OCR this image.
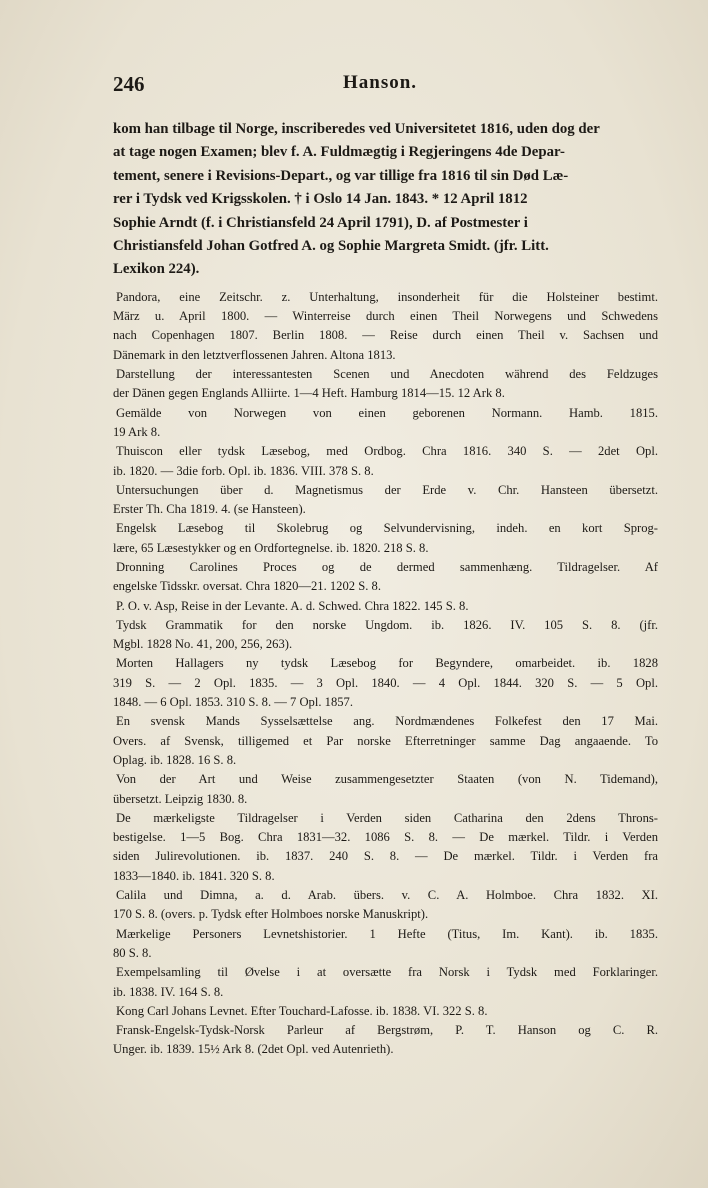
246	Hanson.
kom han tilbage til Norge, inscriberedes ved Universitetet 1816, uden dog der
at tage nogen Examen; blev f. A. Fuldmægtig i Regjeringens 4de Depar-
tement, senere i Revisions-Depart., og var tillige fra 1816 til sin Død Læ-
rer i Tydsk ved Krigsskolen. † i Oslo 14 Jan. 1843. * 12 April 1812
Sophie Arndt (f. i Christiansfeld 24 April 1791), D. af Postmester i
Christiansfeld Johan Gotfred A. og Sophie Margreta Smidt. (jfr. Litt.
Lexikon 224).

Pandora, eine Zeitschr. z. Unterhaltung, insonderheit für die Holsteiner bestimt.
März u. April 1800. — Winterreise durch einen Theil Norwegens und Schwedens
nach Copenhagen 1807. Berlin 1808. — Reise durch einen Theil v. Sachsen und
Dänemark in den letztverflossenen Jahren. Altona 1813.

Darstellung der interessantesten Scenen und Anecdoten während des Feldzuges
der Dänen gegen Englands Alliirte. 1—4 Heft. Hamburg 1814—15. 12 Ark 8.

Gemälde von Norwegen von einen geborenen Normann. Hamb. 1815.
19 Ark 8.

Thuiscon eller tydsk Læsebog, med Ordbog. Chra 1816. 340 S. — 2det Opl.
ib. 1820. — 3die forb. Opl. ib. 1836. VIII. 378 S. 8.

Untersuchungen über d. Magnetismus der Erde v. Chr. Hansteen übersetzt.
Erster Th. Cha 1819. 4. (se Hansteen).

Engelsk Læsebog til Skolebrug og Selvundervisning, indeh. en kort Sprog-
lære, 65 Læsestykker og en Ordfortegnelse. ib. 1820. 218 S. 8.

Dronning Carolines Proces og de dermed sammenhæng. Tildragelser. Af
engelske Tidsskr. oversat. Chra 1820—21. 1202 S. 8.

P. O. v. Asp, Reise in der Levante. A. d. Schwed. Chra 1822. 145 S. 8.

Tydsk Grammatik for den norske Ungdom. ib. 1826. IV. 105 S. 8. (jfr.
Mgbl. 1828 No. 41, 200, 256, 263).

Morten Hallagers ny tydsk Læsebog for Begyndere, omarbeidet. ib. 1828
319 S. — 2 Opl. 1835. — 3 Opl. 1840. — 4 Opl. 1844. 320 S. — 5 Opl.
1848. — 6 Opl. 1853. 310 S. 8. — 7 Opl. 1857.

En svensk Mands Sysselsættelse ang. Nordmændenes Folkefest den 17 Mai.
Overs. af Svensk, tilligemed et Par norske Efterretninger samme Dag angaaende. To
Oplag. ib. 1828. 16 S. 8.

Von der Art und Weise zusammengesetzter Staaten (von N. Tidemand),
übersetzt. Leipzig 1830. 8.

De mærkeligste Tildragelser i Verden siden Catharina den 2dens Throns-
bestigelse. 1—5 Bog. Chra 1831—32. 1086 S. 8. — De mærkel. Tildr. i Verden
siden Julirevolutionen. ib. 1837. 240 S. 8. — De mærkel. Tildr. i Verden fra
1833—1840. ib. 1841. 320 S. 8.

Calila und Dimna, a. d. Arab. übers. v. C. A. Holmboe. Chra 1832. XI.
170 S. 8. (overs. p. Tydsk efter Holmboes norske Manuskript).

Mærkelige Personers Levnetshistorier. 1 Hefte (Titus, Im. Kant). ib. 1835.
80 S. 8.

Exempelsamling til Øvelse i at oversætte fra Norsk i Tydsk med Forklaringer.
ib. 1838. IV. 164 S. 8.

Kong Carl Johans Levnet. Efter Touchard-Lafosse. ib. 1838. VI. 322 S. 8.

Fransk-Engelsk-Tydsk-Norsk Parleur af Bergstrøm, P. T. Hanson og C. R.
Unger. ib. 1839. 15½ Ark 8. (2det Opl. ved Autenrieth).
